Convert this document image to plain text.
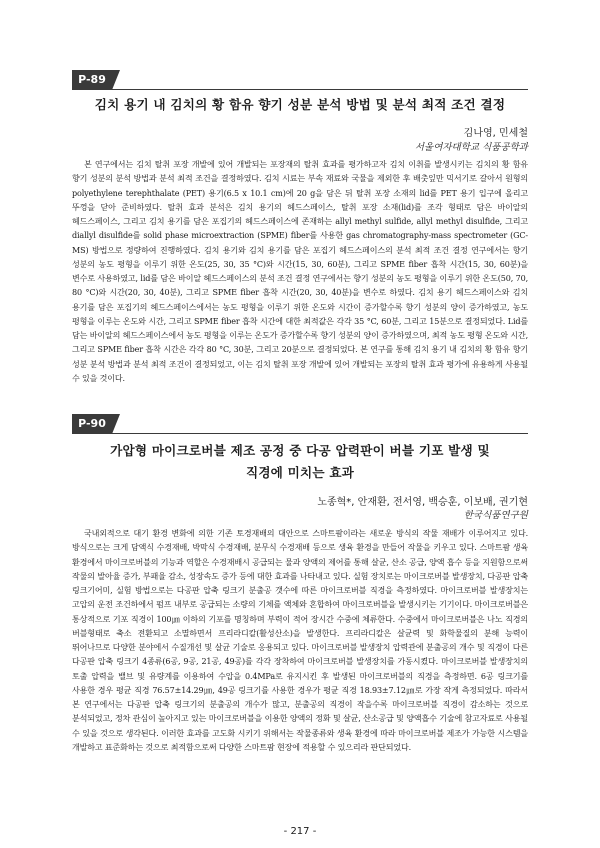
P-89
김치 용기 내 김치의 황 함유 향기 성분 분석 방법 및 분석 최적 조건 결정
김나영, 민세철
서울여자대학교 식품공학과
본 연구에서는 김치 탈취 포장 개발에 있어 개발되는 포장재의 탈취 효과를 평가하고자 김치 이취를 발생시키는 김치의 황 함유 향기 성분의 분석 방법과 분석 최적 조건을 결정하였다. 김치 시료는 부속 재료와 국물을 제외한 후 배춧잎만 믹서기로 갈아서 원형의 polyethylene terephthalate (PET) 용기(6.5 x 10.1 cm)에 20 g을 담은 뒤 탈취 포장 소재의 lid를 PET 용기 입구에 올리고 뚜껑을 닫아 준비하였다. 탈취 효과 분석은 김치 용기의 헤드스페이스, 탈취 포장 소재(lid)를 조각 형태로 담은 바이알의 헤드스페이스, 그리고 김치 용기를 담은 포집기의 헤드스페이스에 존재하는 allyl methyl sulfide, allyl methyl disulfide, 그리고 diallyl disulfide를 solid phase microextraction (SPME) fiber를 사용한 gas chromatography-mass spectrometer (GC-MS) 방법으로 정량하여 진행하였다. 김치 용기와 김치 용기를 담은 포집기 헤드스페이스의 분석 최적 조건 결정 연구에서는 향기 성분의 농도 평형을 이루기 위한 온도(25, 30, 35 °C)와 시간(15, 30, 60분), 그리고 SPME fiber 흡착 시간(15, 30, 60분)을 변수로 사용하였고, lid를 담은 바이알 헤드스페이스의 분석 조건 결정 연구에서는 향기 성분의 농도 평형을 이루기 위한 온도(50, 70, 80 °C)와 시간(20, 30, 40분), 그리고 SPME fiber 흡착 시간(20, 30, 40분)을 변수로 하였다. 김치 용기 헤드스페이스와 김치 용기를 담은 포집기의 헤드스페이스에서는 농도 평형을 이루기 위한 온도와 시간이 증가할수록 향기 성분의 양이 증가하였고, 농도 평형을 이루는 온도와 시간, 그리고 SPME fiber 흡착 시간에 대한 최적값은 각각 35 °C, 60분, 그리고 15분으로 결정되었다. Lid를 담는 바이알의 헤드스페이스에서 농도 평형을 이루는 온도가 증가할수록 향기 성분의 양이 증가하였으며, 최적 농도 평형 온도와 시간, 그리고 SPME fiber 흡착 시간은 각각 80 °C, 30분, 그리고 20분으로 결정되었다. 본 연구를 통해 김치 용기 내 김치의 황 함유 향기 성분 분석 방법과 분석 최적 조건이 결정되었고, 이는 김치 탈취 포장 개발에 있어 개발되는 포장의 탈취 효과 평가에 유용하게 사용될 수 있을 것이다.
P-90
가압형 마이크로버블 제조 공정 중 다공 압력판이 버블 기포 발생 및
직경에 미치는 효과
노종혁*, 안재환, 전서영, 백승훈, 이보배, 권기현
한국식품연구원
국내외적으로 대기 환경 변화에 의한 기존 토경재배의 대안으로 스마트팜이라는 새로운 방식의 작물 재배가 이루어지고 있다. 방식으로는 크게 담액식 수경재배, 박막식 수경재배, 분무식 수경재배 등으로 생육 환경을 만들어 작물을 키우고 있다. 스마트팜 생육 환경에서 마이크로버블의 기능과 역할은 수경재배시 공급되는 물과 양액의 제어를 통해 살균, 산소 공급, 양액 흡수 등을 지원함으로써 작물의 발아율 증가, 부패율 감소, 성장속도 증가 등에 대한 효과를 나타내고 있다. 실험 장치로는 마이크로버블 발생장치, 다공판 압축 링크기어미, 실험 방법으로는 다공판 압축 링크기 분출공 갯수에 따른 마이크로버블 직경을 측정하였다. 마이크로버블 발생장치는 고압의 운전 조건하에서 펌프 내부로 공급되는 소량의 기체를 액체와 혼합하여 마이크로버블을 발생시키는 기기이다. 마이크로버블은 통상적으로 기포 직경이 100㎛ 이하의 기포를 명칭하며 부력이 적어 장시간 수중에 체류한다. 수중에서 마이크로버블은 나노 직경의 버블형태로 축소 전환되고 소멸하면서 프리라디칼(활성산소)을 발생한다. 프리라디칼은 살균력 및 화학물질의 분해 능력이 뛰어나므로 다양한 분야에서 수질개선 및 살균 기술로 응용되고 있다. 마이크로버블 발생장치 압력관에 분출공의 개수 및 직경이 다른 다공판 압축 링크기 4종류(6공, 9공, 21공, 49공)를 각각 장착하여 마이크로버블 발생장치를 가동시켰다. 마이크로버블 발생장치의 토출 압력을 밸브 및 유량계를 이용하여 수압을 0.4MPa로 유지시킨 후 발생된 마이크로버블의 직경을 측정하면. 6공 링크기를 사용한 경우 평균 직경 76.57±14.29㎛, 49공 링크기를 사용한 경우가 평균 직경 18.93±7.12㎛로 가장 작게 측정되었다. 따라서 본 연구에서는 다공판 압축 링크기의 분출공의 개수가 많고, 분출공의 직경이 작을수록 마이크로버블 직경이 감소하는 것으로 분석되었고, 정차 관심이 높아지고 있는 마이크로버블을 이용한 양액의 정화 및 살균, 산소공급 및 양액흡수 기술에 참고자료로 사용될 수 있을 것으로 생각된다. 이러한 효과를 고도화 시키기 위해서는 작물종류와 생육 환경에 따라 마이크로버블 제조가 가능한 시스템을 개발하고 표준화하는 것으로 최적함으로써 다양한 스마트팜 현장에 적용할 수 있으리라 판단되었다.
- 217 -
